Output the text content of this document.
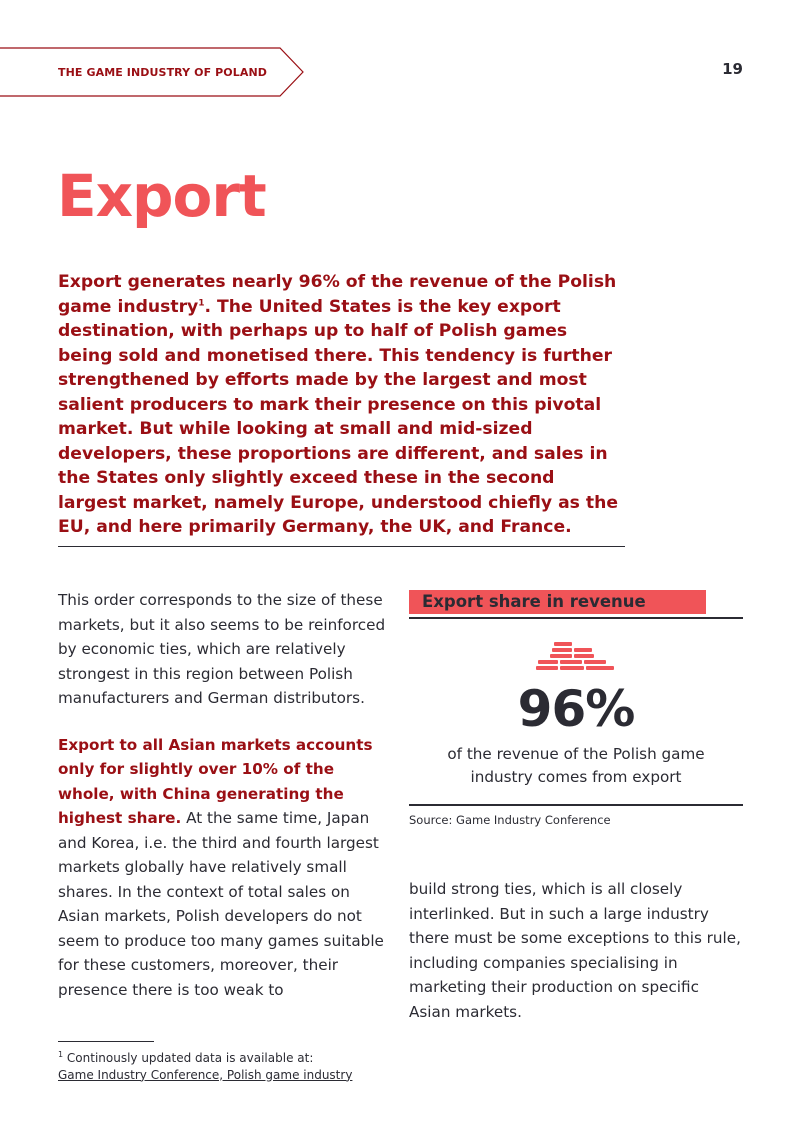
THE GAME INDUSTRY OF POLAND	19
Export

Export generates nearly 96% of the revenue of the Polish game industry$^1$. The United States is the key export destination, with perhaps up to half of Polish games being sold and monetised there. This tendency is further strengthened by efforts made by the largest and most salient producers to mark their presence on this pivotal market. But while looking at small and mid-sized developers, these proportions are different, and sales in the States only slightly exceed these in the second largest market, namely Europe, understood chiefly as the EU, and here primarily Germany, the UK, and France.

This order corresponds to the size of these markets, but it also seems to be reinforced by economic ties, which are relatively strongest in this region between Polish manufacturers and German distributors.

Export to all Asian markets accounts only for slightly over 10% of the whole, with China generating the highest share. At the same time, Japan and Korea, i.e. the third and fourth largest markets globally have relatively small shares. In the context of total sales on Asian markets, Polish developers do not seem to produce too many games suitable for these customers, moreover, their presence there is too weak to

Export share in revenue
96%
of the revenue of the Polish game industry comes from export
Source: Game Industry Conference

build strong ties, which is all closely interlinked. But in such a large industry there must be some exceptions to this rule, including companies specialising in marketing their production on specific Asian markets.

$^1$ Continously updated data is available at:
Game Industry Conference, Polish game industry
